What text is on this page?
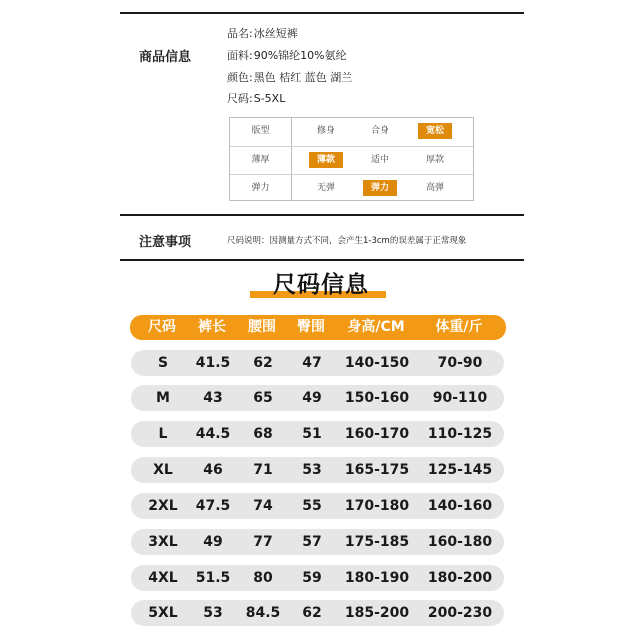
商品信息
品名:冰丝短裤
面料:90%锦纶10%氨纶
颜色:黑色 桔红 蓝色 湖兰
尺码:S-5XL
版型	修身	合身	宽松
薄厚	薄款	适中	厚款
弹力	无弹	弹力	高弹
注意事项	尺码说明：因测量方式不同，会产生1-3cm的误差属于正常现象
尺码信息
尺码	裤长	腰围	臀围	身高/CM	体重/斤
S	41.5	62	47	140-150	70-90
M	43	65	49	150-160	90-110
L	44.5	68	51	160-170	110-125
XL	46	71	53	165-175	125-145
2XL	47.5	74	55	170-180	140-160
3XL	49	77	57	175-185	160-180
4XL	51.5	80	59	180-190	180-200
5XL	53	84.5	62	185-200	200-230
